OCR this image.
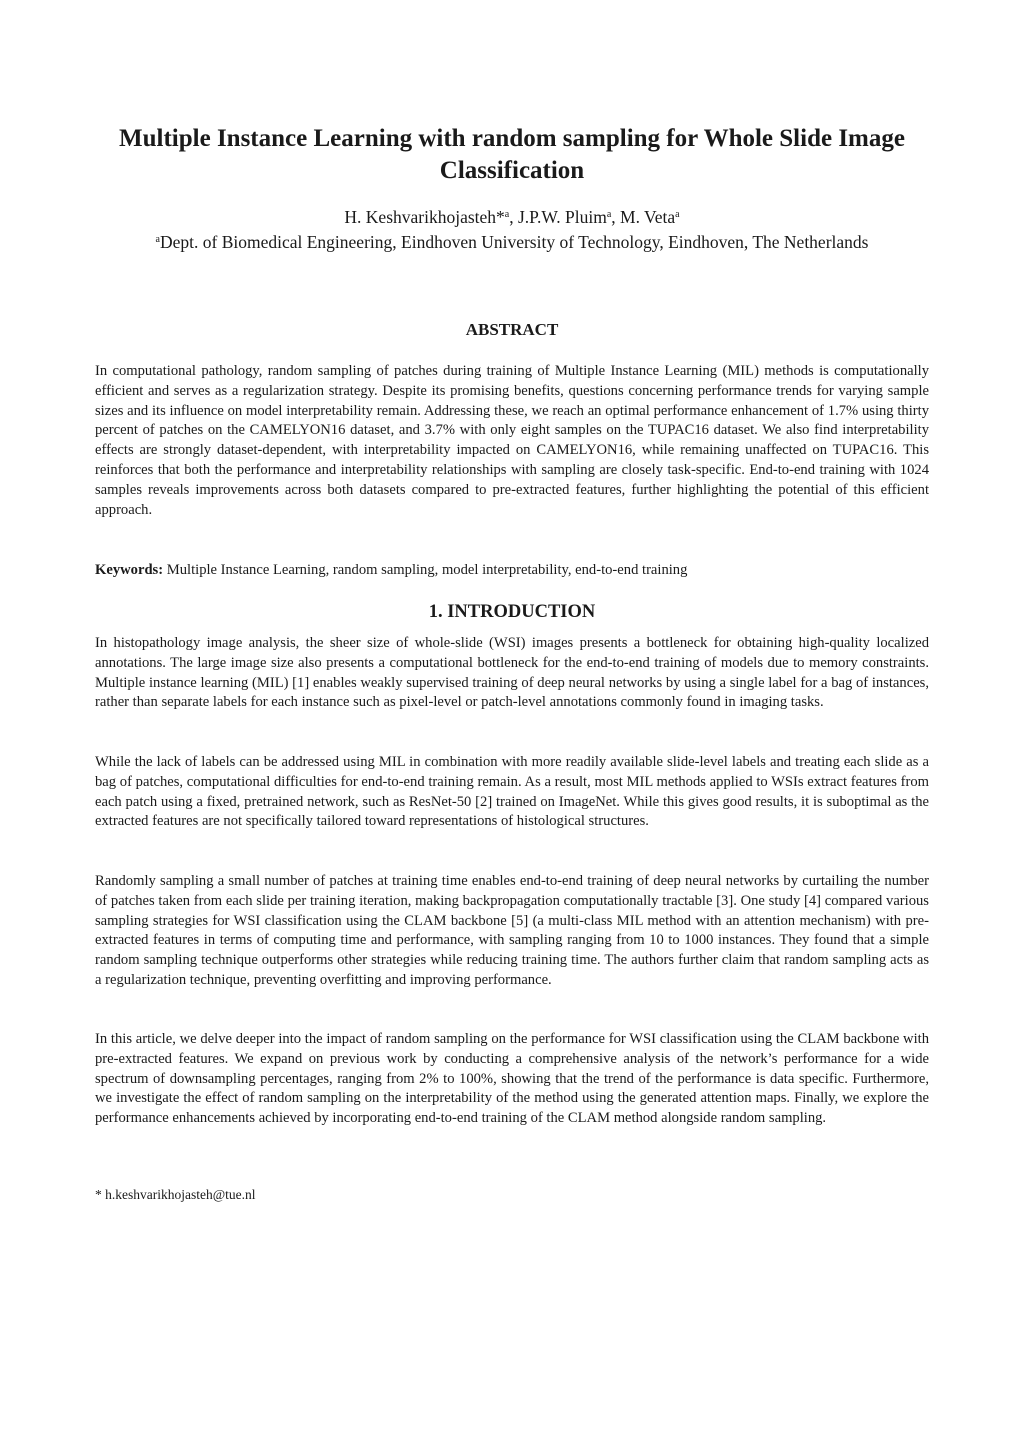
Multiple Instance Learning with random sampling for Whole Slide Image Classification
H. Keshvarikhojasteh*$^a$, J.P.W. Pluim$^a$, M. Veta$^a$
$^a$Dept. of Biomedical Engineering, Eindhoven University of Technology, Eindhoven, The Netherlands
ABSTRACT

In computational pathology, random sampling of patches during training of Multiple Instance Learning (MIL) methods is computationally efficient and serves as a regularization strategy. Despite its promising benefits, questions concerning performance trends for varying sample sizes and its influence on model interpretability remain. Addressing these, we reach an optimal performance enhancement of 1.7% using thirty percent of patches on the CAMELYON16 dataset, and 3.7% with only eight samples on the TUPAC16 dataset. We also find interpretability effects are strongly dataset-dependent, with interpretability impacted on CAMELYON16, while remaining unaffected on TUPAC16. This reinforces that both the performance and interpretability relationships with sampling are closely task-specific. End-to-end training with 1024 samples reveals improvements across both datasets compared to pre-extracted features, further highlighting the potential of this efficient approach.

Keywords: Multiple Instance Learning, random sampling, model interpretability, end-to-end training

1. INTRODUCTION

In histopathology image analysis, the sheer size of whole-slide (WSI) images presents a bottleneck for obtaining high-quality localized annotations. The large image size also presents a computational bottleneck for the end-to-end training of models due to memory constraints. Multiple instance learning (MIL) [1] enables weakly supervised training of deep neural networks by using a single label for a bag of instances, rather than separate labels for each instance such as pixel-level or patch-level annotations commonly found in imaging tasks.

While the lack of labels can be addressed using MIL in combination with more readily available slide-level labels and treating each slide as a bag of patches, computational difficulties for end-to-end training remain. As a result, most MIL methods applied to WSIs extract features from each patch using a fixed, pretrained network, such as ResNet-50 [2] trained on ImageNet. While this gives good results, it is suboptimal as the extracted features are not specifically tailored toward representations of histological structures.

Randomly sampling a small number of patches at training time enables end-to-end training of deep neural networks by curtailing the number of patches taken from each slide per training iteration, making backpropagation computationally tractable [3]. One study [4] compared various sampling strategies for WSI classification using the CLAM backbone [5] (a multi-class MIL method with an attention mechanism) with pre-extracted features in terms of computing time and performance, with sampling ranging from 10 to 1000 instances. They found that a simple random sampling technique outperforms other strategies while reducing training time. The authors further claim that random sampling acts as a regularization technique, preventing overfitting and improving performance.

In this article, we delve deeper into the impact of random sampling on the performance for WSI classification using the CLAM backbone with pre-extracted features. We expand on previous work by conducting a comprehensive analysis of the network’s performance for a wide spectrum of downsampling percentages, ranging from 2% to 100%, showing that the trend of the performance is data specific. Furthermore, we investigate the effect of random sampling on the interpretability of the method using the generated attention maps. Finally, we explore the performance enhancements achieved by incorporating end-to-end training of the CLAM method alongside random sampling.

* h.keshvarikhojasteh@tue.nl
